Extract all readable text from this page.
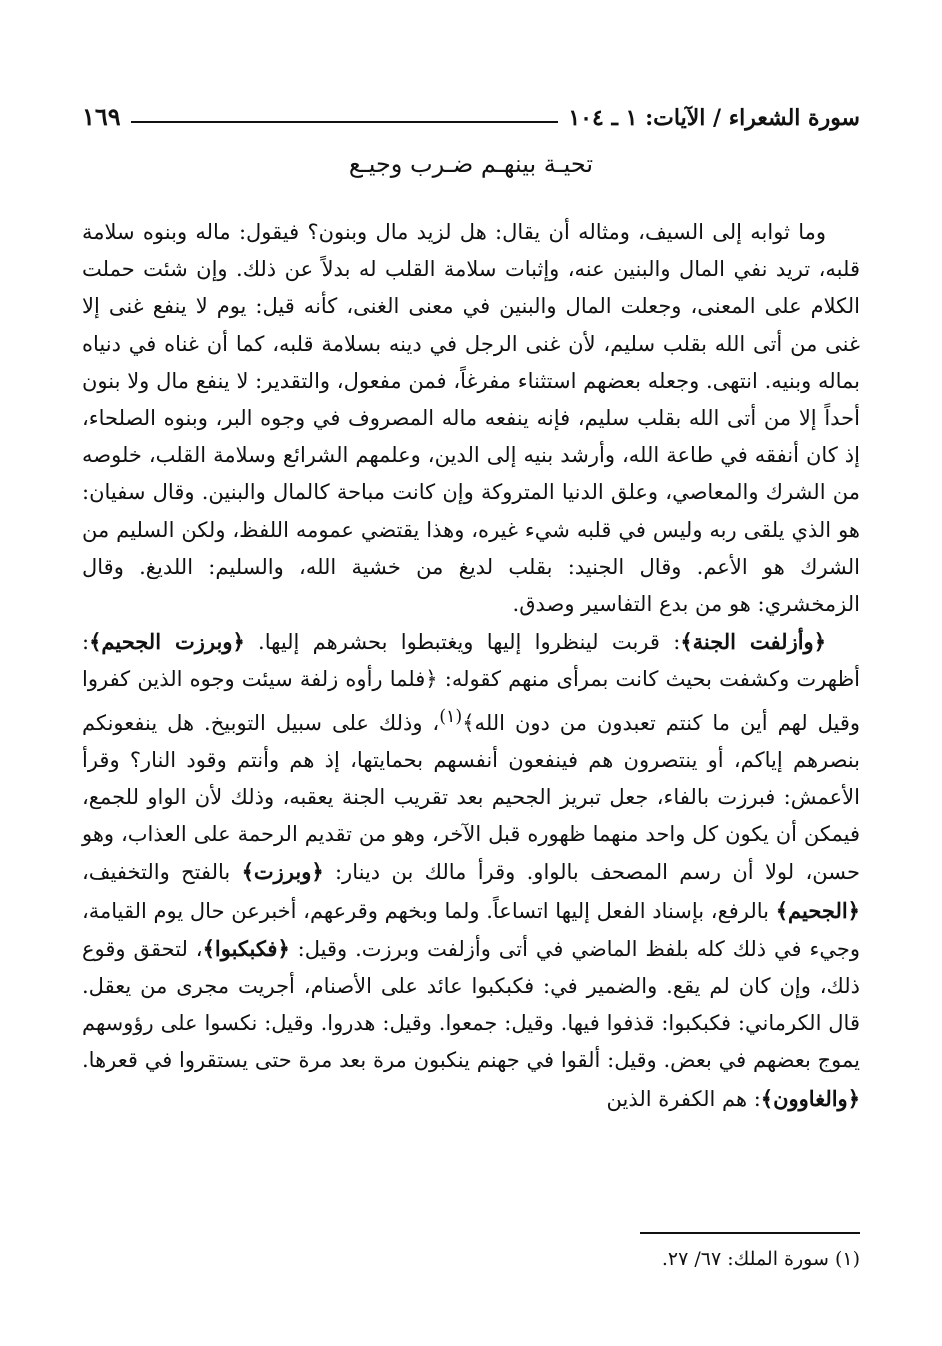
سورة الشعراء / الآيات: ١ ـ ١٠٤
١٦٩
تحيـة بينهـم ضـرب وجيـع

وما ثوابه إلى السيف، ومثاله أن يقال: هل لزيد مال وبنون؟ فيقول: ماله وبنوه سلامة قلبه، تريد نفي المال والبنين عنه، وإثبات سلامة القلب له بدلاً عن ذلك. وإن شئت حملت الكلام على المعنى، وجعلت المال والبنين في معنى الغنى، كأنه قيل: يوم لا ينفع غنى إلا غنى من أتى الله بقلب سليم، لأن غنى الرجل في دينه بسلامة قلبه، كما أن غناه في دنياه بماله وبنيه. انتهى. وجعله بعضهم استثناء مفرغاً، فمن مفعول، والتقدير: لا ينفع مال ولا بنون أحداً إلا من أتى الله بقلب سليم، فإنه ينفعه ماله المصروف في وجوه البر، وبنوه الصلحاء، إذ كان أنفقه في طاعة الله، وأرشد بنيه إلى الدين، وعلمهم الشرائع وسلامة القلب، خلوصه من الشرك والمعاصي، وعلق الدنيا المتروكة وإن كانت مباحة كالمال والبنين. وقال سفيان: هو الذي يلقى ربه وليس في قلبه شيء غيره، وهذا يقتضي عمومه اللفظ، ولكن السليم من الشرك هو الأعم. وقال الجنيد: بقلب لديغ من خشية الله، والسليم: اللديغ. وقال الزمخشري: هو من بدع التفاسير وصدق.

﴿وأزلفت الجنة﴾: قربت لينظروا إليها ويغتبطوا بحشرهم إليها. ﴿وبرزت الجحيم﴾: أظهرت وكشفت بحيث كانت بمرأى منهم كقوله: ﴿فلما رأوه زلفة سيئت وجوه الذين كفروا وقيل لهم أين ما كنتم تعبدون من دون الله﴾$^{(١)}$، وذلك على سبيل التوبيخ. هل ينفعونكم بنصرهم إياكم، أو ينتصرون هم فينفعون أنفسهم بحمايتها، إذ هم وأنتم وقود النار؟ وقرأ الأعمش: فبرزت بالفاء، جعل تبريز الجحيم بعد تقريب الجنة يعقبه، وذلك لأن الواو للجمع، فيمكن أن يكون كل واحد منهما ظهوره قبل الآخر، وهو من تقديم الرحمة على العذاب، وهو حسن، لولا أن رسم المصحف بالواو. وقرأ مالك بن دينار: ﴿وبرزت﴾ بالفتح والتخفيف، ﴿الجحيم﴾ بالرفع، بإسناد الفعل إليها اتساعاً. ولما وبخهم وقرعهم، أخبرعن حال يوم القيامة، وجيء في ذلك كله بلفظ الماضي في أتى وأزلفت وبرزت. وقيل: ﴿فكبكبوا﴾، لتحقق وقوع ذلك، وإن كان لم يقع. والضمير في: فكبكبوا عائد على الأصنام، أجريت مجرى من يعقل. قال الكرماني: فكبكبوا: قذفوا فيها. وقيل: جمعوا. وقيل: هدروا. وقيل: نكسوا على رؤوسهم يموج بعضهم في بعض. وقيل: ألقوا في جهنم ينكبون مرة بعد مرة حتى يستقروا في قعرها. ﴿والغاوون﴾: هم الكفرة الذين

(١) سورة الملك: ٦٧/ ٢٧.
